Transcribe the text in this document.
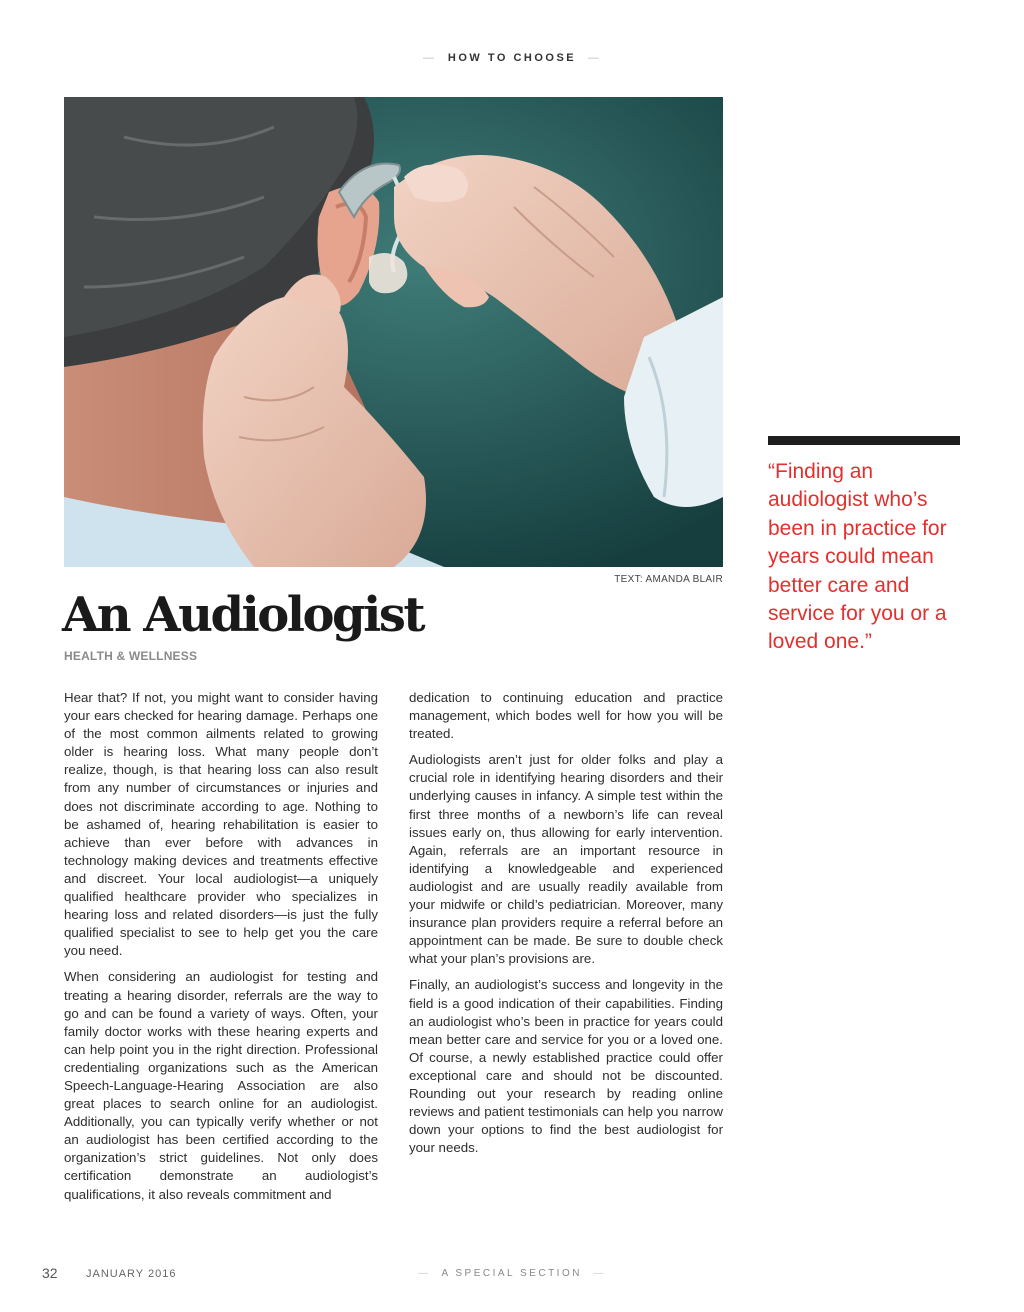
— HOW TO CHOOSE —
TEXT: AMANDA BLAIR
An Audiologist
HEALTH & WELLNESS

Hear that? If not, you might want to consider having your ears checked for hearing damage. Perhaps one of the most common ailments related to growing older is hearing loss. What many people don’t realize, though, is that hearing loss can also result from any number of circumstances or injuries and does not discriminate according to age. Nothing to be ashamed of, hearing rehabilitation is easier to achieve than ever before with advances in technology making devices and treatments effective and discreet. Your local audiologist—a uniquely qualified healthcare provider who specializes in hearing loss and related disorders—is just the fully qualified specialist to see to help get you the care you need.

When considering an audiologist for testing and treating a hearing disorder, referrals are the way to go and can be found a variety of ways. Often, your family doctor works with these hearing experts and can help point you in the right direction. Professional credentialing organizations such as the American Speech-Language-Hearing Association are also great places to search online for an audiologist. Additionally, you can typically verify whether or not an audiologist has been certified according to the organization’s strict guidelines. Not only does certification demonstrate an audiologist’s qualifications, it also reveals commitment and

dedication to continuing education and practice management, which bodes well for how you will be treated.

Audiologists aren’t just for older folks and play a crucial role in identifying hearing disorders and their underlying causes in infancy. A simple test within the first three months of a newborn’s life can reveal issues early on, thus allowing for early intervention. Again, referrals are an important resource in identifying a knowledgeable and experienced audiologist and are usually readily available from your midwife or child’s pediatrician. Moreover, many insurance plan providers require a referral before an appointment can be made. Be sure to double check what your plan’s provisions are.

Finally, an audiologist’s success and longevity in the field is a good indication of their capabilities. Finding an audiologist who’s been in practice for years could mean better care and service for you or a loved one. Of course, a newly established practice could offer exceptional care and should not be discounted. Rounding out your research by reading online reviews and patient testimonials can help you narrow down your options to find the best audiologist for your needs.

“Finding an audiologist who’s been in practice for years could mean better care and service for you or a loved one.”

32	JANUARY 2016	— A SPECIAL SECTION —
